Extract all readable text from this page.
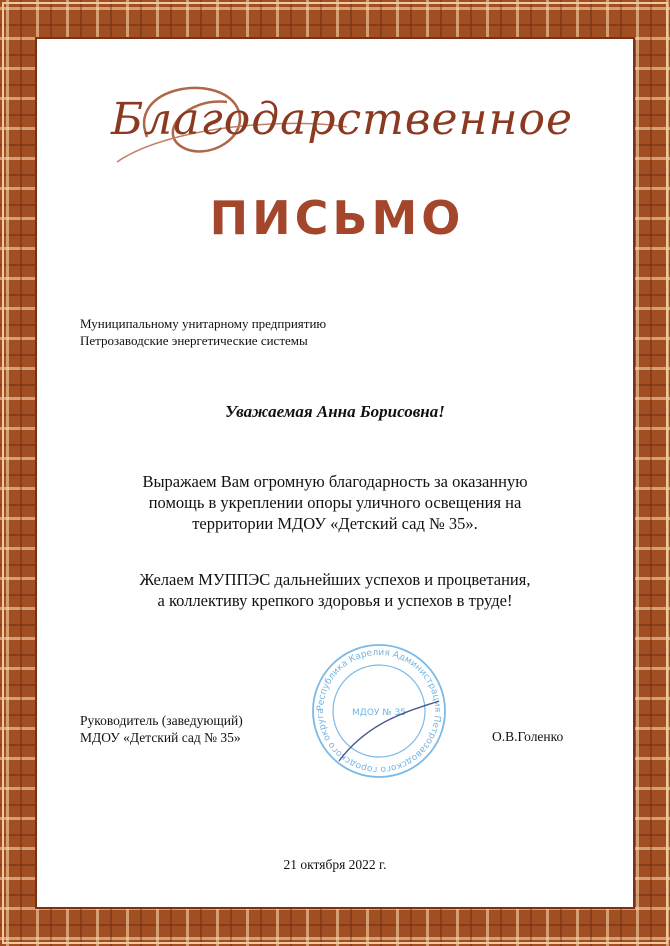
Благодарственное
ПИСЬМО
Муниципальному унитарному предприятию
Петрозаводские энергетические системы
Уважаемая Анна Борисовна!
Выражаем Вам огромную благодарность за оказанную
помощь в укреплении опоры уличного освещения на
территории МДОУ «Детский сад № 35».
Желаем МУППЭС дальнейших успехов и процветания,
а коллективу крепкого здоровья и успехов в труде!
Республика Карелия Администрация Петрозаводского городского округа	МДОУ № 35
Руководитель (заведующий)
МДОУ «Детский сад № 35»	О.В.Голенко
21 октября 2022 г.
